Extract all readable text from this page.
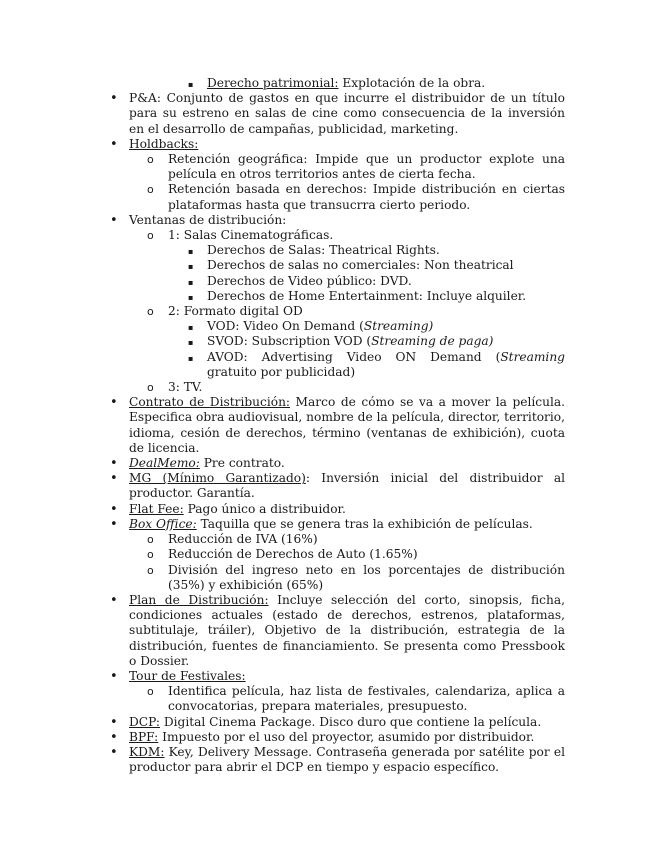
▪ Derecho patrimonial: Explotación de la obra.
• P&A: Conjunto de gastos en que incurre el distribuidor de un título para su estreno en salas de cine como consecuencia de la inversión en el desarrollo de campañas, publicidad, marketing.
• Holdbacks:
o Retención geográfica: Impide que un productor explote una película en otros territorios antes de cierta fecha.
o Retención basada en derechos: Impide distribución en ciertas plataformas hasta que transucrra cierto periodo.
• Ventanas de distribución:
o 1: Salas Cinematográficas.
▪ Derechos de Salas: Theatrical Rights.
▪ Derechos de salas no comerciales: Non theatrical
▪ Derechos de Video público: DVD.
▪ Derechos de Home Entertainment: Incluye alquiler.
o 2: Formato digital OD
▪ VOD: Video On Demand (Streaming)
▪ SVOD: Subscription VOD (Streaming de paga)
▪ AVOD: Advertising Video ON Demand (Streaming gratuito por publicidad)
o 3: TV.
• Contrato de Distribución: Marco de cómo se va a mover la película. Especifica obra audiovisual, nombre de la película, director, territorio, idioma, cesión de derechos, término (ventanas de exhibición), cuota de licencia.
• DealMemo: Pre contrato.
• MG (Mínimo Garantizado): Inversión inicial del distribuidor al productor. Garantía.
• Flat Fee: Pago único a distribuidor.
• Box Office: Taquilla que se genera tras la exhibición de películas.
o Reducción de IVA (16%)
o Reducción de Derechos de Auto (1.65%)
o División del ingreso neto en los porcentajes de distribución (35%) y exhibición (65%)
• Plan de Distribución: Incluye selección del corto, sinopsis, ficha, condiciones actuales (estado de derechos, estrenos, plataformas, subtitulaje, tráiler), Objetivo de la distribución, estrategia de la distribución, fuentes de financiamiento. Se presenta como Pressbook o Dossier.
• Tour de Festivales:
o Identifica película, haz lista de festivales, calendariza, aplica a convocatorias, prepara materiales, presupuesto.
• DCP: Digital Cinema Package. Disco duro que contiene la película.
• BPF: Impuesto por el uso del proyector, asumido por distribuidor.
• KDM: Key, Delivery Message. Contraseña generada por satélite por el productor para abrir el DCP en tiempo y espacio específico.
